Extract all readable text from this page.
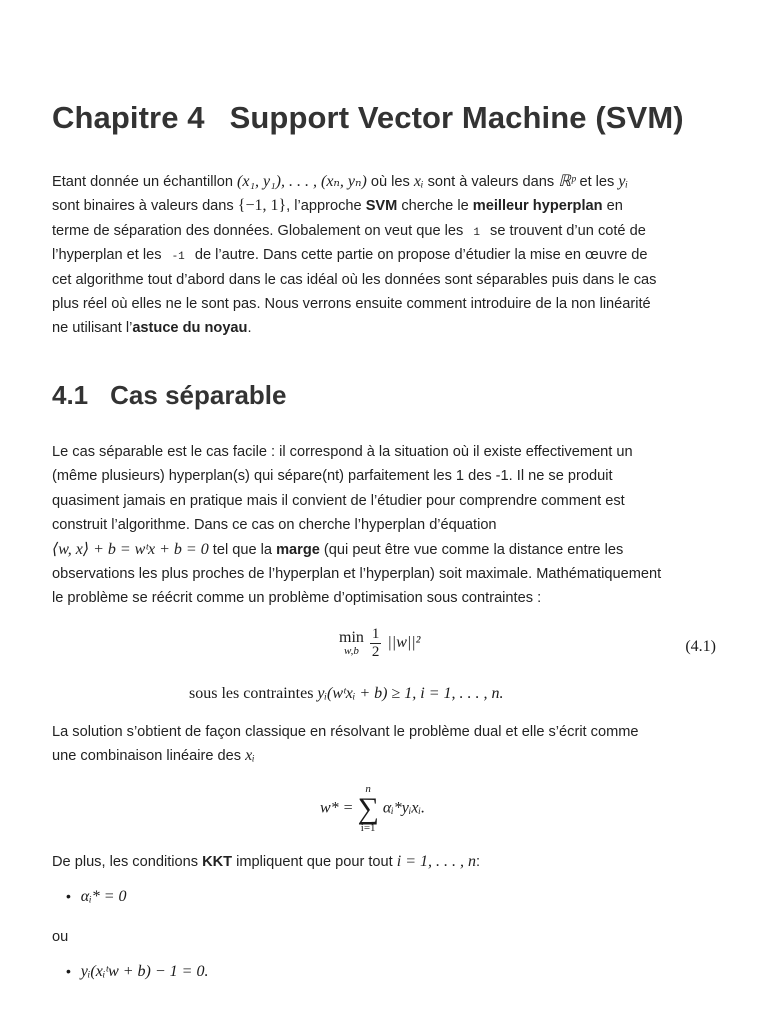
Chapitre 4 Support Vector Machine (SVM)
Etant donnée un échantillon (x₁, y₁), . . . , (xₙ, yₙ) où les xᵢ sont à valeurs dans ℝᵖ et les yᵢ
sont binaires à valeurs dans {−1, 1}, l’approche SVM cherche le meilleur hyperplan en
terme de séparation des données. Globalement on veut que les 1 se trouvent d’un coté de
l’hyperplan et les -1 de l’autre. Dans cette partie on propose d’étudier la mise en œuvre de
cet algorithme tout d’abord dans le cas idéal où les données sont séparables puis dans le cas
plus réel où elles ne le sont pas. Nous verrons ensuite comment introduire de la non linéarité
ne utilisant l’astuce du noyau.
4.1 Cas séparable
Le cas séparable est le cas facile : il correspond à la situation où il existe effectivement un
(même plusieurs) hyperplan(s) qui sépare(nt) parfaitement les 1 des -1. Il ne se produit
quasiment jamais en pratique mais il convient de l’étudier pour comprendre comment est
construit l’algorithme. Dans ce cas on cherche l’hyperplan d’équation
⟨w, x⟩ + b = wᵗx + b = 0 tel que la marge (qui peut être vue comme la distance entre les
observations les plus proches de l’hyperplan et l’hyperplan) soit maximale. Mathématiquement
le problème se réécrit comme un problème d’optimisation sous contraintes :
min
w,b
$\frac{1}{2} ||w||^2$	(4.1)
sous les contraintes yᵢ(wᵗxᵢ + b) ≥ 1, i = 1, . . . , n.
La solution s’obtient de façon classique en résolvant le problème dual et elle s’écrit comme
une combinaison linéaire des xᵢ
w* =
n
∑
i=1
αᵢ*yᵢxᵢ.
De plus, les conditions KKT impliquent que pour tout i = 1, . . . , n:
• αᵢ* = 0
ou
• yᵢ(xᵢᵗw + b) − 1 = 0.
